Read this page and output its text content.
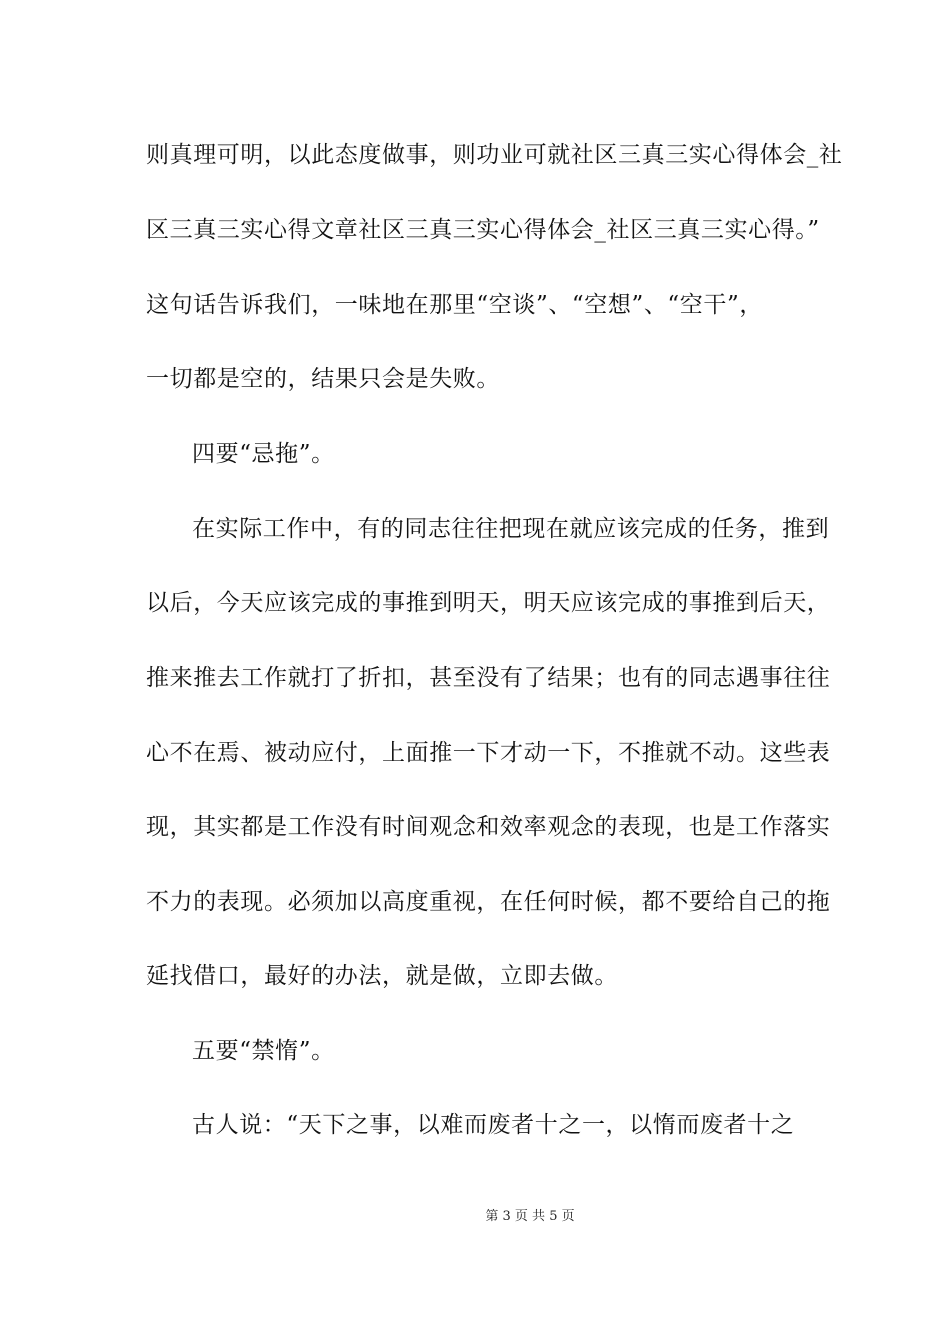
则真理可明，以此态度做事，则功业可就社区三真三实心得体会_社
区三真三实心得文章社区三真三实心得体会_社区三真三实心得。”
这句话告诉我们，一味地在那里“空谈”、“空想”、“空干”，
一切都是空的，结果只会是失败。
四要“忌拖”。
在实际工作中，有的同志往往把现在就应该完成的任务，推到
以后，今天应该完成的事推到明天，明天应该完成的事推到后天，
推来推去工作就打了折扣，甚至没有了结果；也有的同志遇事往往
心不在焉、被动应付，上面推一下才动一下，不推就不动。这些表
现，其实都是工作没有时间观念和效率观念的表现，也是工作落实
不力的表现。必须加以高度重视，在任何时候，都不要给自己的拖
延找借口，最好的办法，就是做，立即去做。
五要“禁惰”。
古人说：“天下之事，以难而废者十之一，以惰而废者十之
第 3 页 共 5 页
